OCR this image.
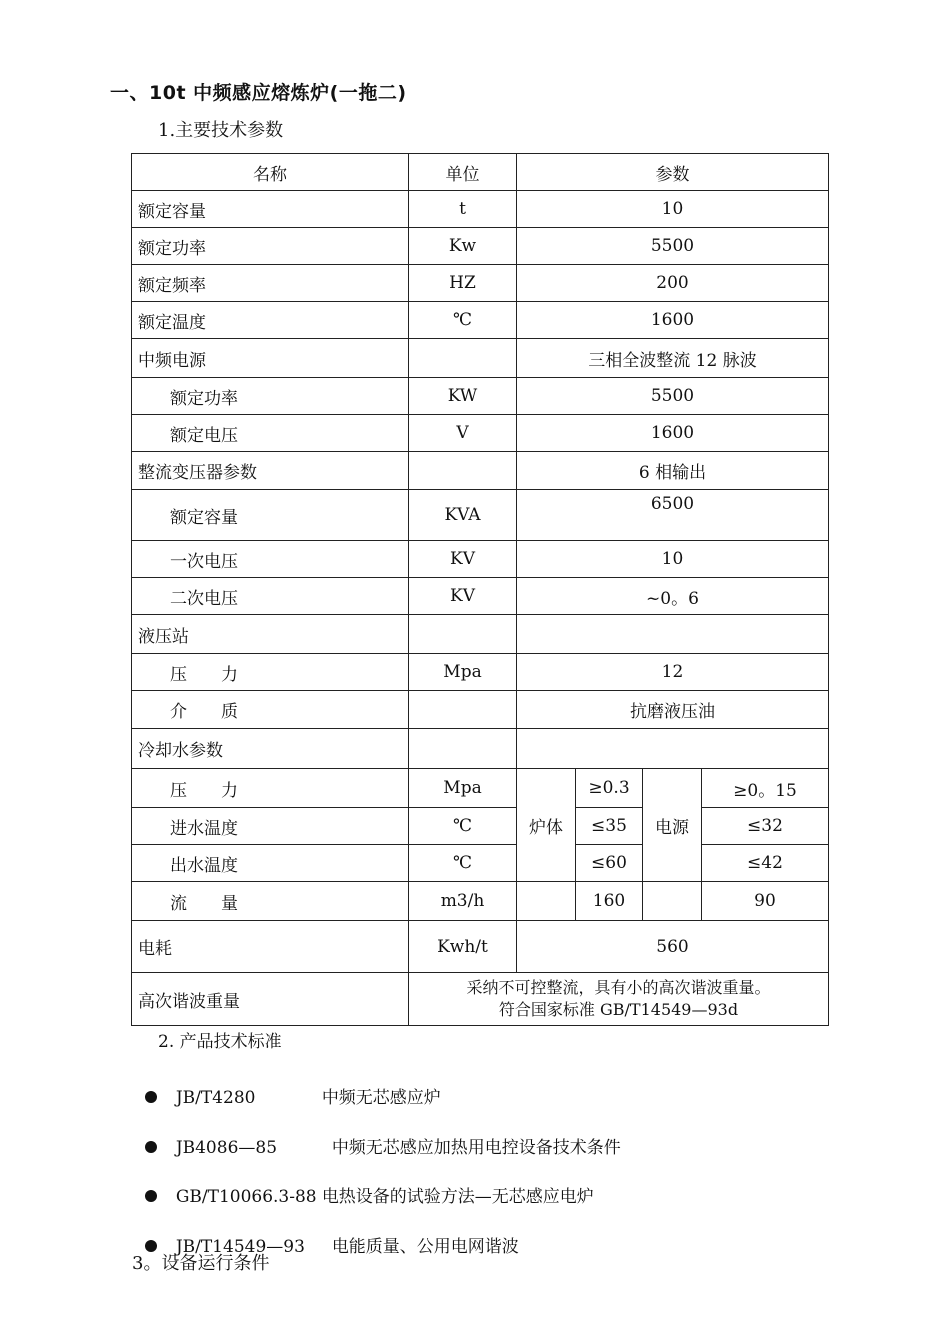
一、10t 中频感应熔炼炉(一拖二)
1.主要技术参数
名称	单位	参数			
额定容量	t	10			
额定功率	Kw	5500			
额定频率	HZ	200			
额定温度	℃	1600			
中频电源		三相全波整流 12 脉波			
额定功率	KW	5500			
额定电压	V	1600			
整流变压器参数		6 相输出			
额定容量	KVA	6500			
一次电压	KV	10			
二次电压	KV	~0。6			
液压站					
压　　力	Mpa	12			
介　　质		抗磨液压油			
冷却水参数					
压　　力	Mpa	炉体	≥0.3	电源	≥0。15
进水温度	℃		≤35		≤32
出水温度	℃		≤60		≤42
流　　量	m3/h		160		90
电耗	Kwh/t	560			
高次谐波重量	采纳不可控整流，具有小的高次谐波重量。
符合国家标准 GB/T14549—93d				
2. 产品技术标准

JB/T4280	中频无芯感应炉

JB4086—85	中频无芯感应加热用电控设备技术条件

GB/T10066.3-88 电热设备的试验方法—无芯感应电炉

JB/T14549—93 电能质量、公用电网谐波

3。设备运行条件
